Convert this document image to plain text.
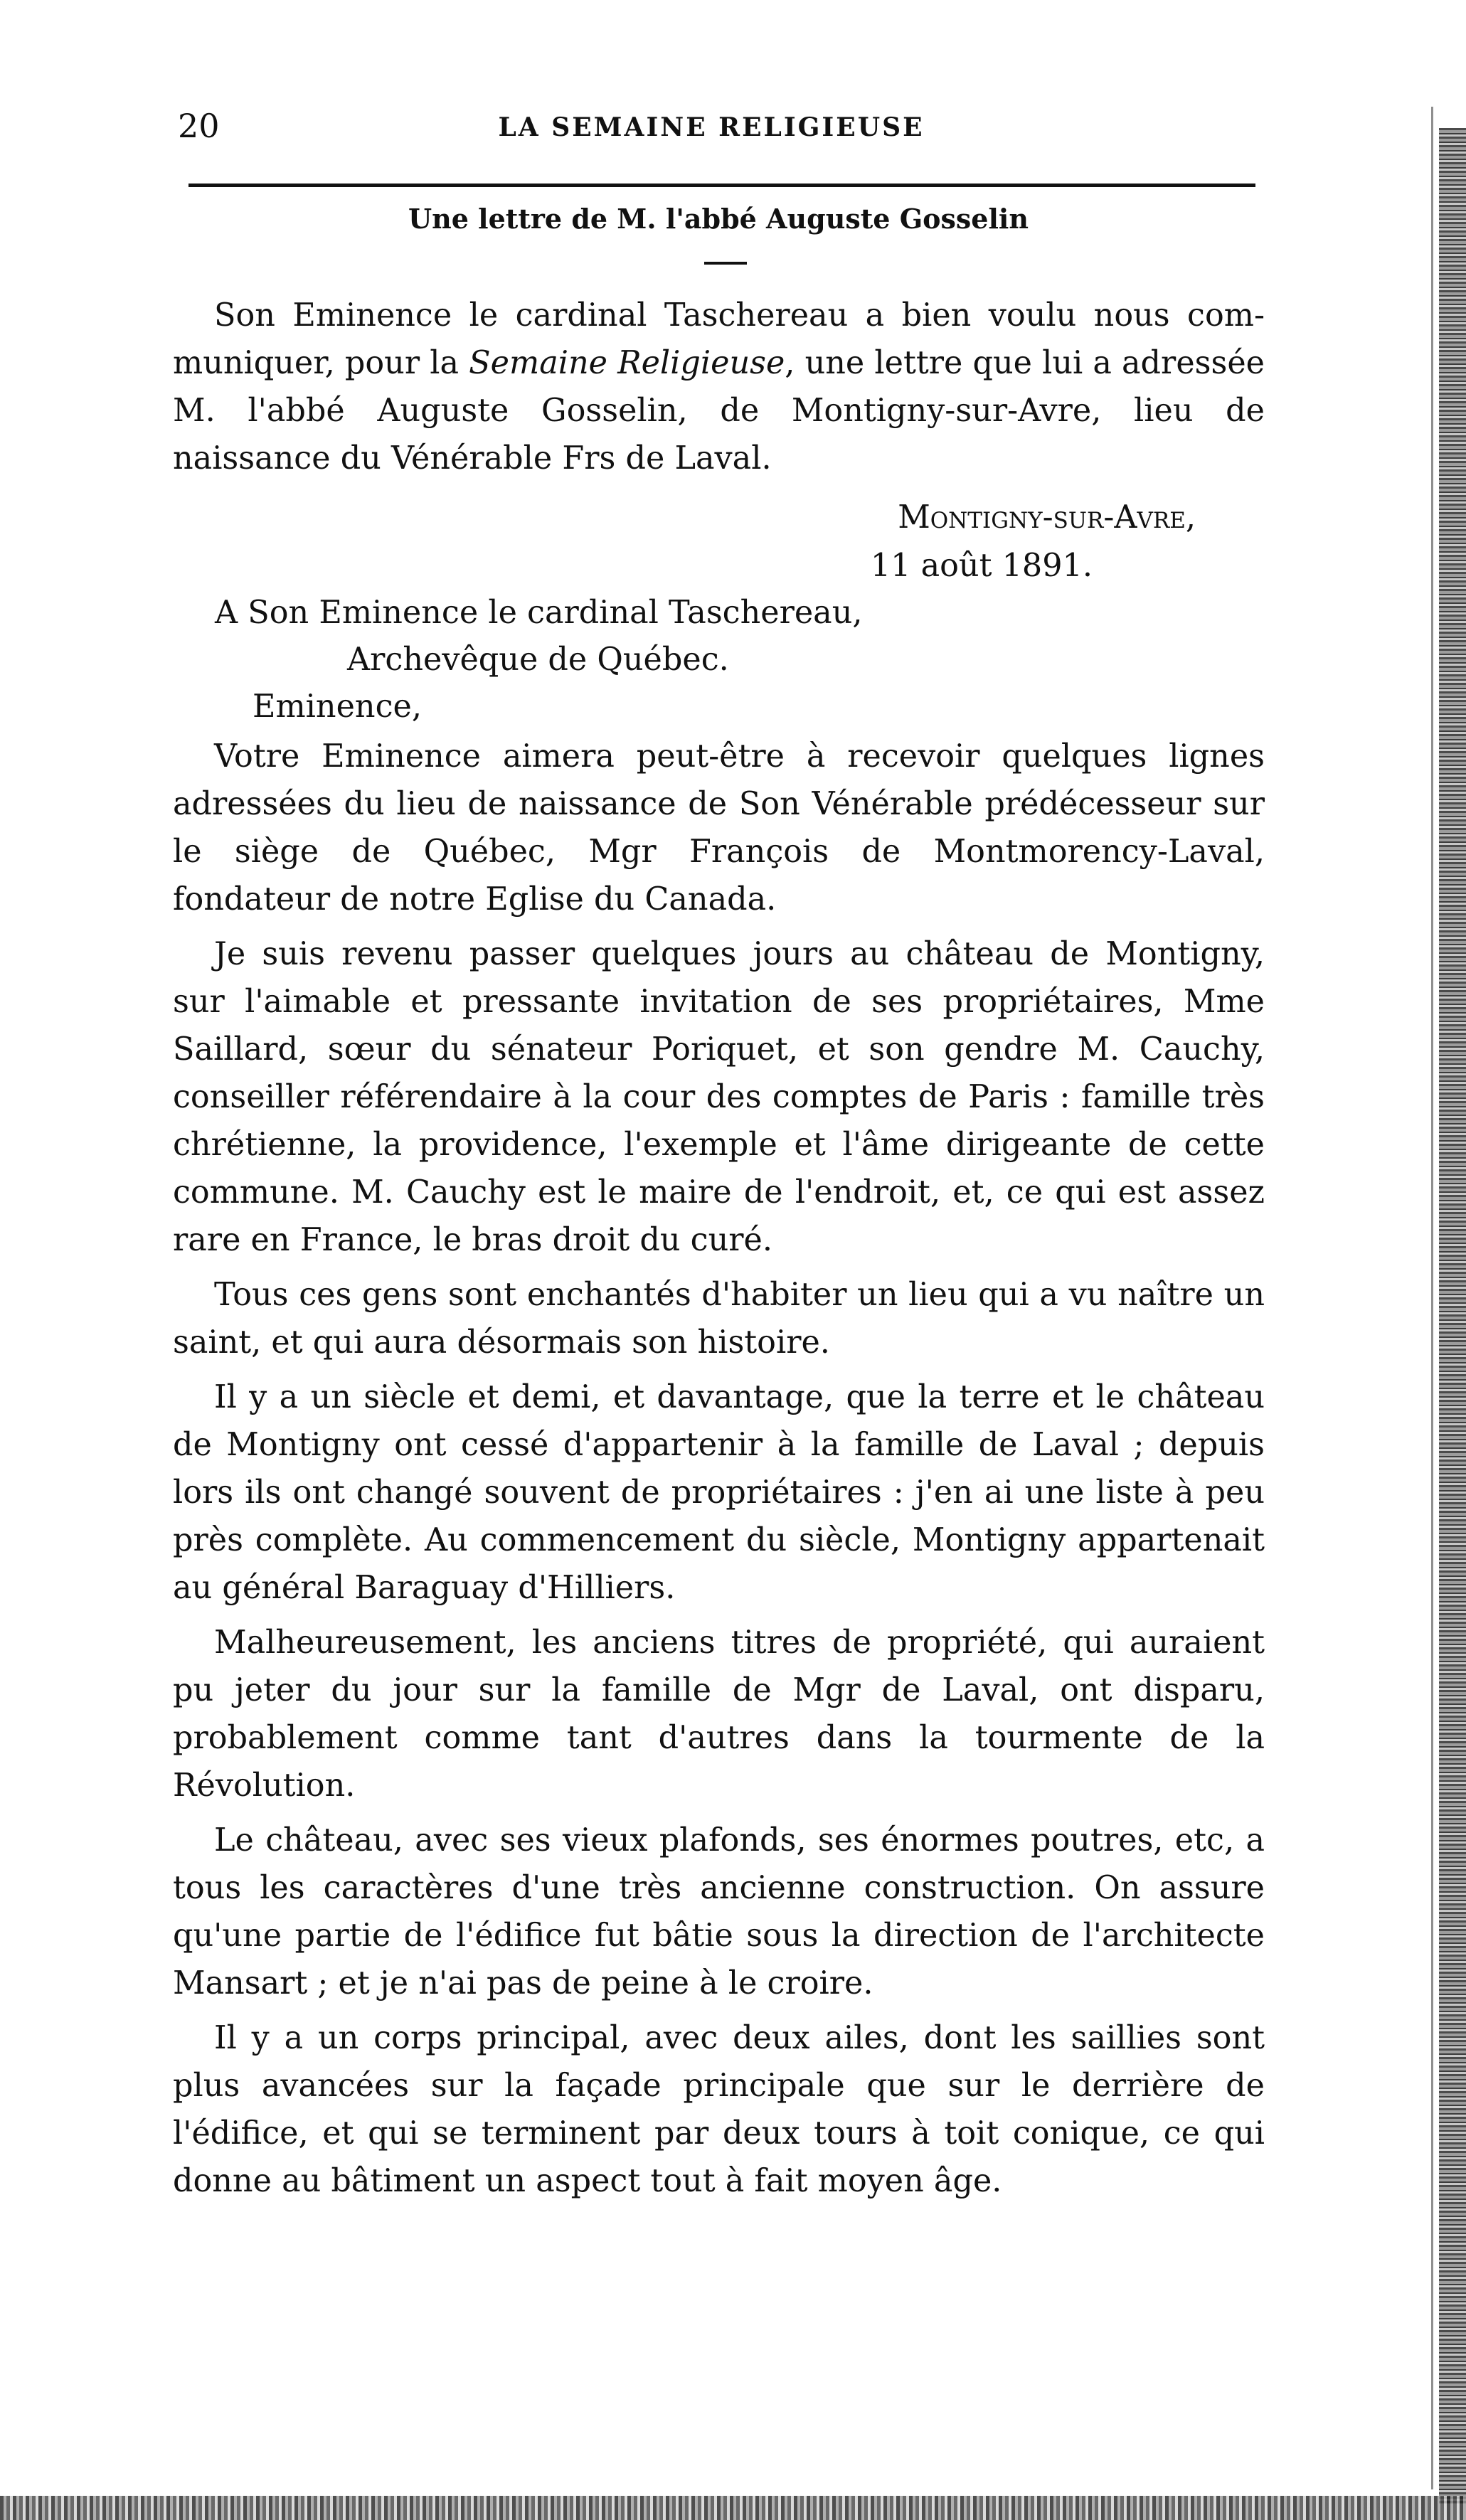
20	LA SEMAINE RELIGIEUSE
Une lettre de M. l'abbé Auguste Gosselin

Son Eminence le cardinal Taschereau a bien voulu nous com- muniquer, pour la Semaine Religieuse, une lettre que lui a adressée M. l'abbé Auguste Gosselin, de Montigny-sur-Avre, lieu de naissance du Vénérable Frs de Laval.

Montigny-sur-Avre,
11 août 1891.
A Son Eminence le cardinal Taschereau,
Archevêque de Québec.
Eminence,

Votre Eminence aimera peut-être à recevoir quelques lignes adressées du lieu de naissance de Son Vénérable prédécesseur sur le siège de Québec, Mgr François de Montmorency-Laval, fondateur de notre Eglise du Canada.

Je suis revenu passer quelques jours au château de Montigny, sur l'aimable et pressante invitation de ses propriétaires, Mme Saillard, sœur du sénateur Poriquet, et son gendre M. Cauchy, conseiller référendaire à la cour des comptes de Paris : famille très chrétienne, la providence, l'exemple et l'âme dirigeante de cette commune. M. Cauchy est le maire de l'endroit, et, ce qui est assez rare en France, le bras droit du curé.

Tous ces gens sont enchantés d'habiter un lieu qui a vu naître un saint, et qui aura désormais son histoire.

Il y a un siècle et demi, et davantage, que la terre et le château de Montigny ont cessé d'appartenir à la famille de Laval ; depuis lors ils ont changé souvent de propriétaires : j'en ai une liste à peu près complète. Au commencement du siècle, Montigny appartenait au général Baraguay d'Hilliers.

Malheureusement, les anciens titres de propriété, qui auraient pu jeter du jour sur la famille de Mgr de Laval, ont disparu, probablement comme tant d'autres dans la tourmente de la Révolution.

Le château, avec ses vieux plafonds, ses énormes poutres, etc, a tous les caractères d'une très ancienne construction. On assure qu'une partie de l'édifice fut bâtie sous la direction de l'architecte Mansart ; et je n'ai pas de peine à le croire.

Il y a un corps principal, avec deux ailes, dont les saillies sont plus avancées sur la façade principale que sur le derrière de l'édifice, et qui se terminent par deux tours à toit conique, ce qui donne au bâtiment un aspect tout à fait moyen âge.
